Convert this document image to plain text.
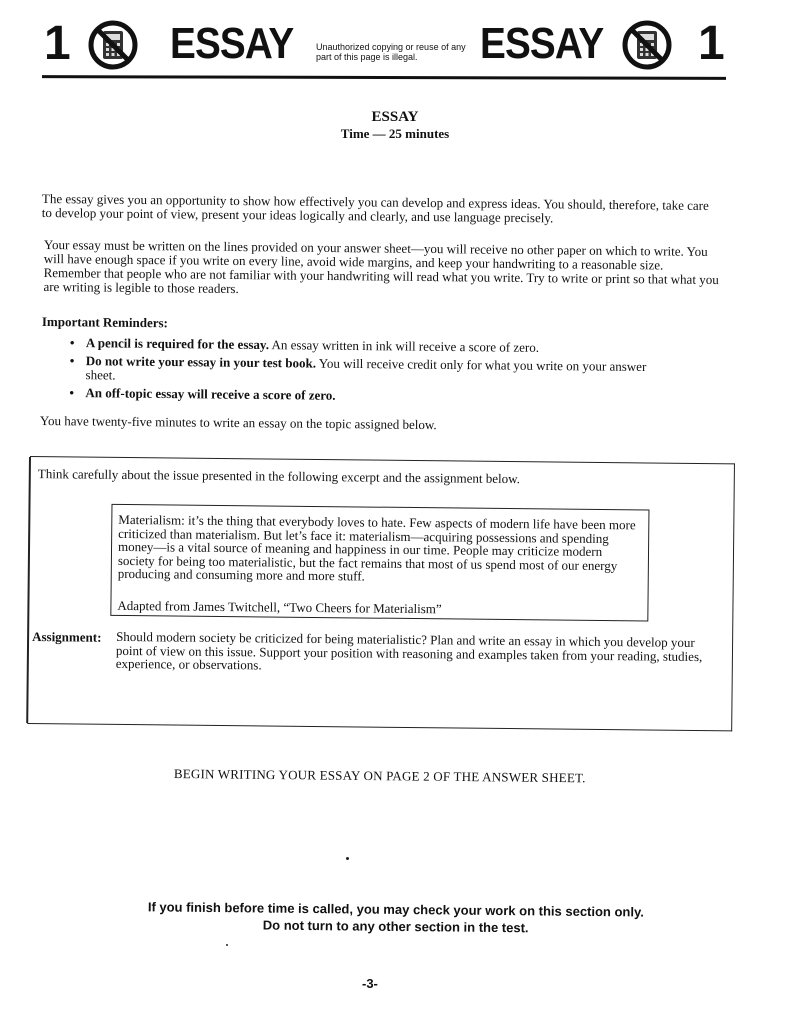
1 ESSAY	Unauthorized copying or reuse of any part of this page is illegal.	ESSAY 1
ESSAY
Time — 25 minutes
The essay gives you an opportunity to show how effectively you can develop and express ideas. You should, therefore, take care to develop your point of view, present your ideas logically and clearly, and use language precisely.
Your essay must be written on the lines provided on your answer sheet—you will receive no other paper on which to write. You will have enough space if you write on every line, avoid wide margins, and keep your handwriting to a reasonable size. Remember that people who are not familiar with your handwriting will read what you write. Try to write or print so that what you are writing is legible to those readers.
Important Reminders:
• A pencil is required for the essay. An essay written in ink will receive a score of zero.
• Do not write your essay in your test book. You will receive credit only for what you write on your answer sheet.
• An off-topic essay will receive a score of zero.
You have twenty-five minutes to write an essay on the topic assigned below.
Think carefully about the issue presented in the following excerpt and the assignment below.
Materialism: it’s the thing that everybody loves to hate. Few aspects of modern life have been more criticized than materialism. But let’s face it: materialism—acquiring possessions and spending money—is a vital source of meaning and happiness in our time. People may criticize modern society for being too materialistic, but the fact remains that most of us spend most of our energy producing and consuming more and more stuff.
Adapted from James Twitchell, “Two Cheers for Materialism”
Assignment: Should modern society be criticized for being materialistic? Plan and write an essay in which you develop your point of view on this issue. Support your position with reasoning and examples taken from your reading, studies, experience, or observations.
BEGIN WRITING YOUR ESSAY ON PAGE 2 OF THE ANSWER SHEET.
If you finish before time is called, you may check your work on this section only.
Do not turn to any other section in the test.
-3-
